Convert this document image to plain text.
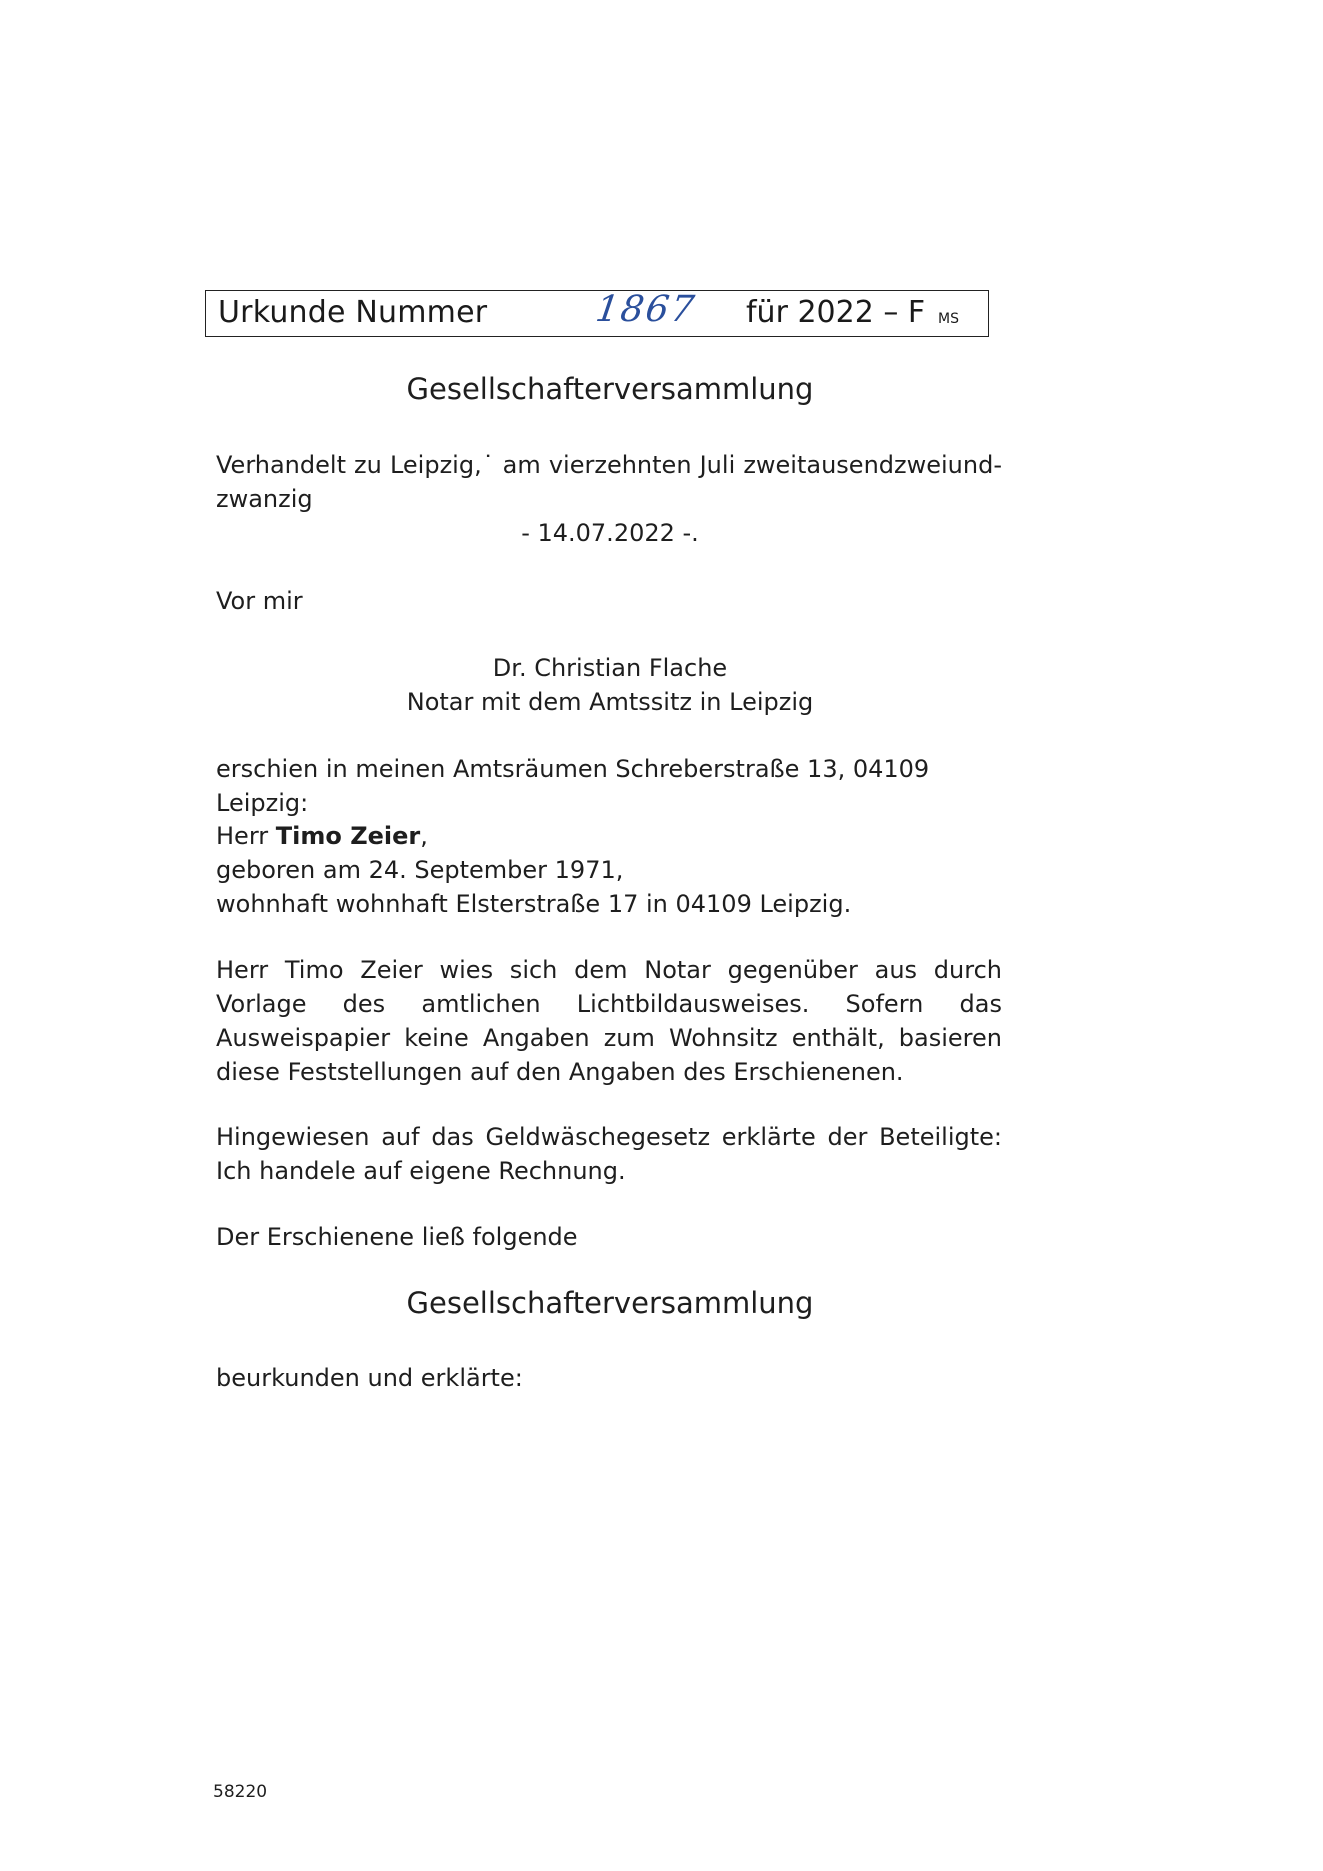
Urkunde Nummer	1867 für 2022 – F MS
Gesellschafterversammlung
Verhandelt zu Leipzig,˙ am vierzehnten Juli zweitausendzweiund-
zwanzig
- 14.07.2022 -.
Vor mir
Dr. Christian Flache
Notar mit dem Amtssitz in Leipzig
erschien in meinen Amtsräumen Schreberstraße 13, 04109 Leipzig:
Herr Timo Zeier,
geboren am 24. September 1971,
wohnhaft wohnhaft Elsterstraße 17 in 04109 Leipzig.
Herr Timo Zeier wies sich dem Notar gegenüber aus durch Vorlage des amtlichen Lichtbildausweises. Sofern das Ausweispapier keine Angaben zum Wohnsitz enthält, basieren diese Feststellungen auf den Angaben des Erschienenen.
Hingewiesen auf das Geldwäschegesetz erklärte der Beteiligte: Ich handele auf eigene Rechnung.
Der Erschienene ließ folgende
Gesellschafterversammlung
beurkunden und erklärte:
58220
